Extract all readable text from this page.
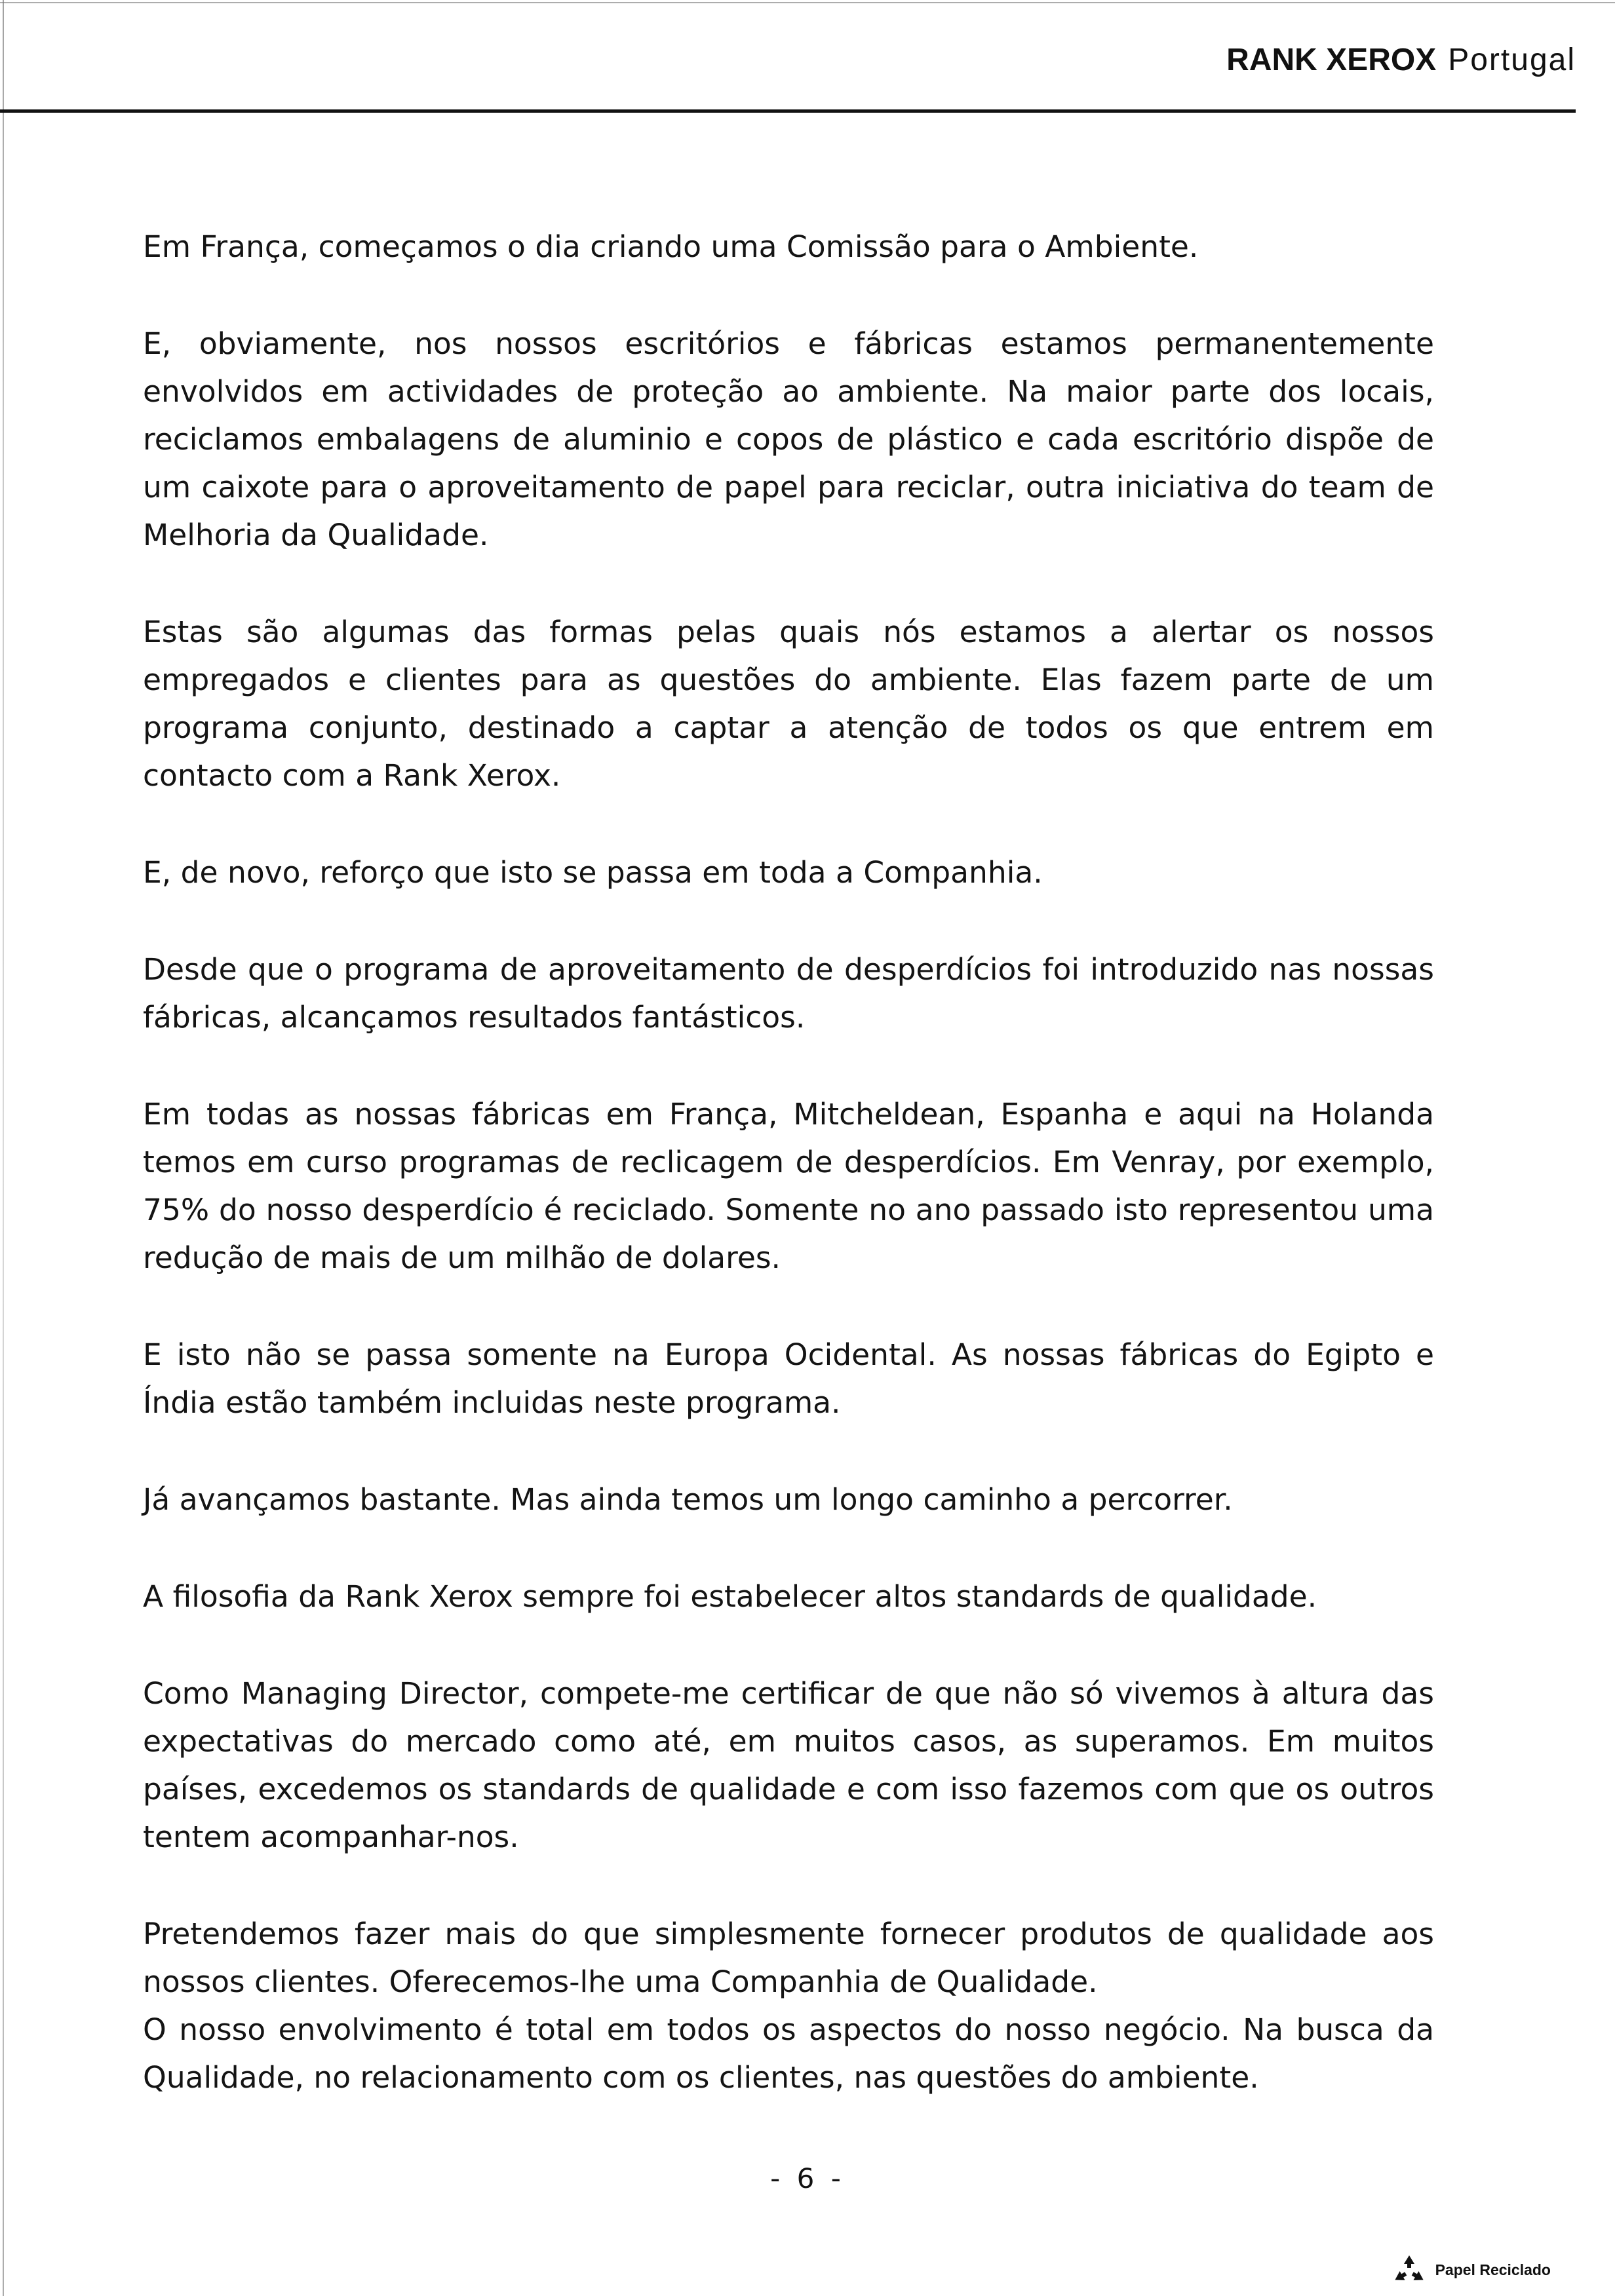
RANK XEROX Portugal

Em França, começamos o dia criando uma Comissão para o Ambiente.

E, obviamente, nos nossos escritórios e fábricas estamos permanentemente envolvidos em actividades de proteção ao ambiente. Na maior parte dos locais, reciclamos embalagens de aluminio e copos de plástico e cada escritório dispõe de um caixote para o aproveitamento de papel para reciclar, outra iniciativa do team de Melhoria da Qualidade.

Estas são algumas das formas pelas quais nós estamos a alertar os nossos empregados e clientes para as questões do ambiente. Elas fazem parte de um programa conjunto, destinado a captar a atenção de todos os que entrem em contacto com a Rank Xerox.

E, de novo, reforço que isto se passa em toda a Companhia.

Desde que o programa de aproveitamento de desperdícios foi introduzido nas nossas fábricas, alcançamos resultados fantásticos.

Em todas as nossas fábricas em França, Mitcheldean, Espanha e aqui na Holanda temos em curso programas de reclicagem de desperdícios. Em Venray, por exemplo, 75% do nosso desperdício é reciclado. Somente no ano passado isto representou uma redução de mais de um milhão de dolares.

E isto não se passa somente na Europa Ocidental. As nossas fábricas do Egipto e Índia estão também incluidas neste programa.

Já avançamos bastante. Mas ainda temos um longo caminho a percorrer.

A filosofia da Rank Xerox sempre foi estabelecer altos standards de qualidade.

Como Managing Director, compete-me certificar de que não só vivemos à altura das expectativas do mercado como até, em muitos casos, as superamos. Em muitos países, excedemos os standards de qualidade e com isso fazemos com que os outros tentem acompanhar-nos.

Pretendemos fazer mais do que simplesmente fornecer produtos de qualidade aos nossos clientes. Oferecemos-lhe uma Companhia de Qualidade.

O nosso envolvimento é total em todos os aspectos do nosso negócio. Na busca da Qualidade, no relacionamento com os clientes, nas questões do ambiente.

- 6 -
Papel Reciclado
